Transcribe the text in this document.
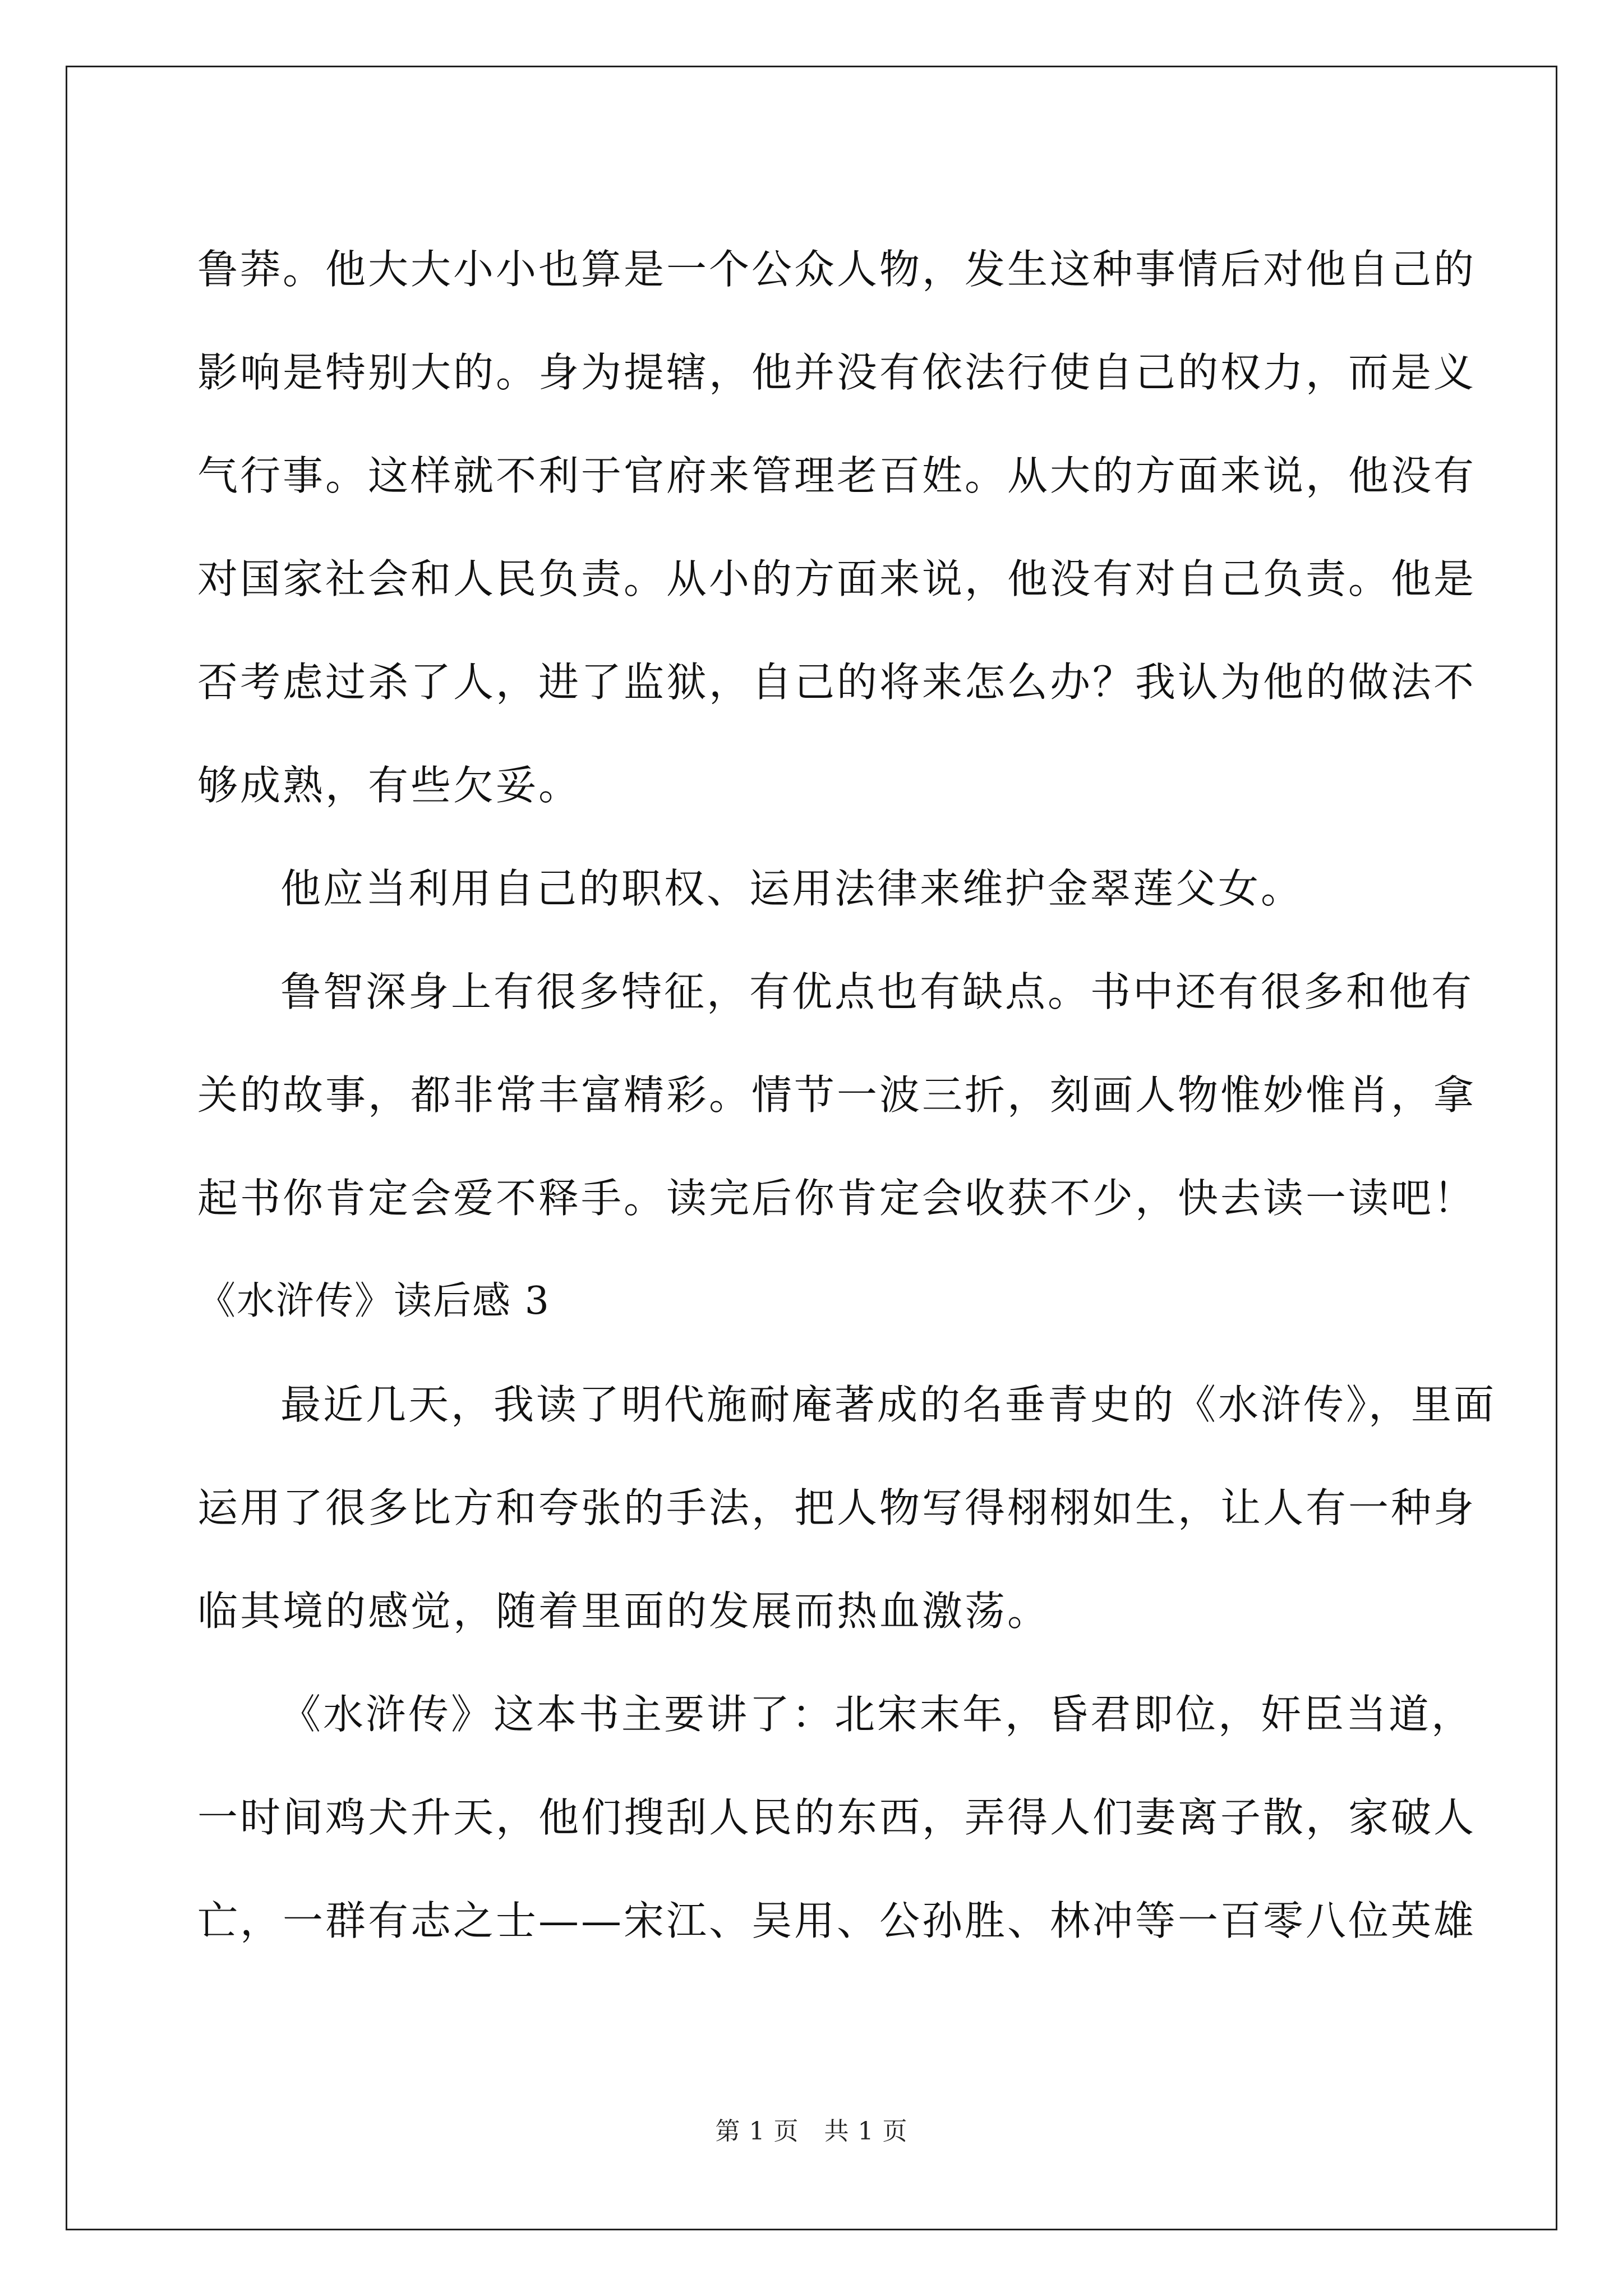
鲁莽。他大大小小也算是一个公众人物，发生这种事情后对他自己的
影响是特别大的。身为提辖，他并没有依法行使自己的权力，而是义
气行事。这样就不利于官府来管理老百姓。从大的方面来说，他没有
对国家社会和人民负责。从小的方面来说，他没有对自己负责。他是
否考虑过杀了人，进了监狱，自己的将来怎么办？我认为他的做法不
够成熟，有些欠妥。
他应当利用自己的职权、运用法律来维护金翠莲父女。
鲁智深身上有很多特征，有优点也有缺点。书中还有很多和他有
关的故事，都非常丰富精彩。情节一波三折，刻画人物惟妙惟肖，拿
起书你肯定会爱不释手。读完后你肯定会收获不少，快去读一读吧！
《水浒传》读后感 3
最近几天，我读了明代施耐庵著成的名垂青史的《水浒传》，里面
运用了很多比方和夸张的手法，把人物写得栩栩如生，让人有一种身
临其境的感觉，随着里面的发展而热血激荡。
《水浒传》这本书主要讲了：北宋末年，昏君即位，奸臣当道，
一时间鸡犬升天，他们搜刮人民的东西，弄得人们妻离子散，家破人
亡，一群有志之士——宋江、吴用、公孙胜、林冲等一百零八位英雄
第 1 页　共 1 页
